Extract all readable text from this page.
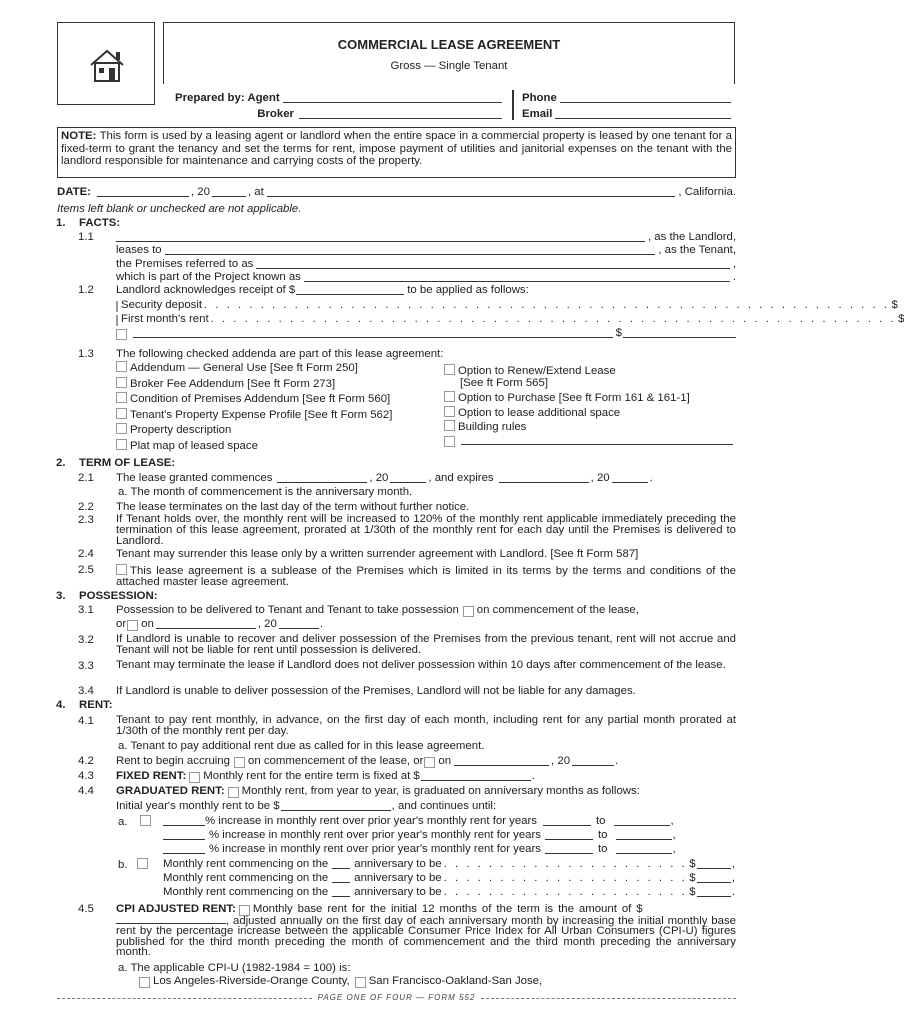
COMMERCIAL LEASE AGREEMENT
Gross — Single Tenant
Prepared by: Agent
Broker
Phone
Email
NOTE: This form is used by a leasing agent or landlord when the entire space in a commercial property is leased by one tenant for a fixed-term to grant the tenancy and set the terms for rent, impose payment of utilities and janitorial expenses on the tenant with the landlord responsible for maintenance and carrying costs of the property.
DATE:	, 20	, at	, California.
Items left blank or unchecked are not applicable.
1. FACTS:
1.1	, as the Landlord,
leases to	, as the Tenant,
the Premises referred to as	,
which is part of the Project known as	.
1.2 Landlord acknowledges receipt of $	to be applied as follows:
Security deposit . . . . . . . . . . . . . . . . . . . . . . . . . . . . . . . . . . . . . . . . . . . . . . . . . . . . . . . . . . . . . $
First month's rent . . . . . . . . . . . . . . . . . . . . . . . . . . . . . . . . . . . . . . . . . . . . . . . . . . . . . . . . . . . . . $
$
1.3 The following checked addenda are part of this lease agreement:
Addendum — General Use [See ft Form 250]
Broker Fee Addendum [See ft Form 273]
Condition of Premises Addendum [See ft Form 560]
Tenant's Property Expense Profile [See ft Form 562]
Property description
Plat map of leased space
Option to Renew/Extend Lease
[See ft Form 565]
Option to Purchase [See ft Form 161 & 161-1]
Option to lease additional space
Building rules
2. TERM OF LEASE:
2.1 The lease granted commences	, 20	, and expires	, 20	.
a. The month of commencement is the anniversary month.
2.2 The lease terminates on the last day of the term without further notice.
2.3 If Tenant holds over, the monthly rent will be increased to 120% of the monthly rent applicable immediately preceding the termination of this lease agreement, prorated at 1/30th of the monthly rent for each day until the Premises is delivered to Landlord.
2.4 Tenant may surrender this lease only by a written surrender agreement with Landlord. [See ft Form 587]
2.5	This lease agreement is a sublease of the Premises which is limited in its terms by the terms and conditions of the attached master lease agreement.
3. POSSESSION:
3.1 Possession to be delivered to Tenant and Tenant to take possession on commencement of the lease,
or on	, 20	.
3.2 If Landlord is unable to recover and deliver possession of the Premises from the previous tenant, rent will not accrue and Tenant will not be liable for rent until possession is delivered.
3.3 Tenant may terminate the lease if Landlord does not deliver possession within 10 days after commencement of the lease.
3.4 If Landlord is unable to deliver possession of the Premises, Landlord will not be liable for any damages.
4. RENT:
4.1 Tenant to pay rent monthly, in advance, on the first day of each month, including rent for any partial month prorated at 1/30th of the monthly rent per day.
a. Tenant to pay additional rent due as called for in this lease agreement.
4.2 Rent to begin accruing on commencement of the lease, or on	, 20	.
4.3 FIXED RENT: Monthly rent for the entire term is fixed at $	.
4.4 GRADUATED RENT: Monthly rent, from year to year, is graduated on anniversary months as follows:
Initial year's monthly rent to be $	, and continues until:
a.	% increase in monthly rent over prior year's monthly rent for years	to	,
% increase in monthly rent over prior year's monthly rent for years	to	,
% increase in monthly rent over prior year's monthly rent for years	to	,
b.	Monthly rent commencing on the anniversary to be . . . . . . . . . . . . . . . . . . . . . . $	,
Monthly rent commencing on the anniversary to be . . . . . . . . . . . . . . . . . . . . . . $	,
Monthly rent commencing on the anniversary to be . . . . . . . . . . . . . . . . . . . . . . $	.
4.5 CPI ADJUSTED RENT: Monthly base rent for the initial 12 months of the term is the amount of $
, adjusted annually on the first day of each anniversary month by increasing the initial monthly base rent by the percentage increase between the applicable Consumer Price Index for All Urban Consumers (CPI-U) figures published for the third month preceding the month of commencement and the third month preceding the anniversary month.
a. The applicable CPI-U (1982-1984 = 100) is:
Los Angeles-Riverside-Orange County, San Francisco-Oakland-San Jose,
PAGE ONE OF FOUR — FORM 552
